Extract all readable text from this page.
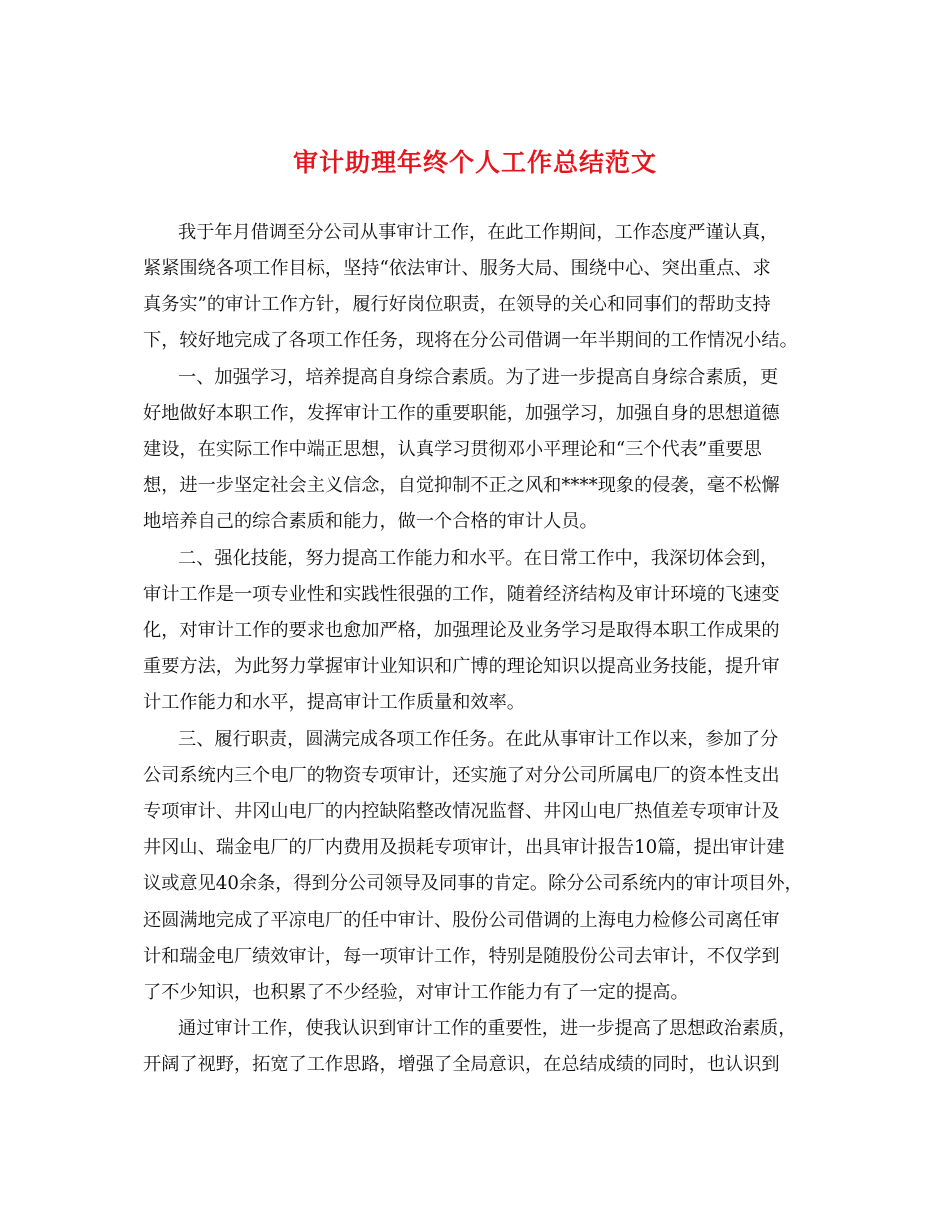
审计助理年终个人工作总结范文
我于年月借调至分公司从事审计工作，在此工作期间，工作态度严谨认真，
紧紧围绕各项工作目标，坚持“依法审计、服务大局、围绕中心、突出重点、求
真务实”的审计工作方针，履行好岗位职责，在领导的关心和同事们的帮助支持
下，较好地完成了各项工作任务，现将在分公司借调一年半期间的工作情况小结。
一、加强学习，培养提高自身综合素质。为了进一步提高自身综合素质，更
好地做好本职工作，发挥审计工作的重要职能，加强学习，加强自身的思想道德
建设，在实际工作中端正思想，认真学习贯彻邓小平理论和“三个代表”重要思
想，进一步坚定社会主义信念，自觉抑制不正之风和****现象的侵袭，毫不松懈
地培养自己的综合素质和能力，做一个合格的审计人员。
二、强化技能，努力提高工作能力和水平。在日常工作中，我深切体会到，
审计工作是一项专业性和实践性很强的工作，随着经济结构及审计环境的飞速变
化，对审计工作的要求也愈加严格，加强理论及业务学习是取得本职工作成果的
重要方法，为此努力掌握审计业知识和广博的理论知识以提高业务技能，提升审
计工作能力和水平，提高审计工作质量和效率。
三、履行职责，圆满完成各项工作任务。在此从事审计工作以来，参加了分
公司系统内三个电厂的物资专项审计，还实施了对分公司所属电厂的资本性支出
专项审计、井冈山电厂的内控缺陷整改情况监督、井冈山电厂热值差专项审计及
井冈山、瑞金电厂的厂内费用及损耗专项审计，出具审计报告10篇，提出审计建
议或意见40余条，得到分公司领导及同事的肯定。除分公司系统内的审计项目外，
还圆满地完成了平凉电厂的任中审计、股份公司借调的上海电力检修公司离任审
计和瑞金电厂绩效审计，每一项审计工作，特别是随股份公司去审计，不仅学到
了不少知识，也积累了不少经验，对审计工作能力有了一定的提高。
通过审计工作，使我认识到审计工作的重要性，进一步提高了思想政治素质，
开阔了视野，拓宽了工作思路，增强了全局意识，在总结成绩的同时，也认识到
